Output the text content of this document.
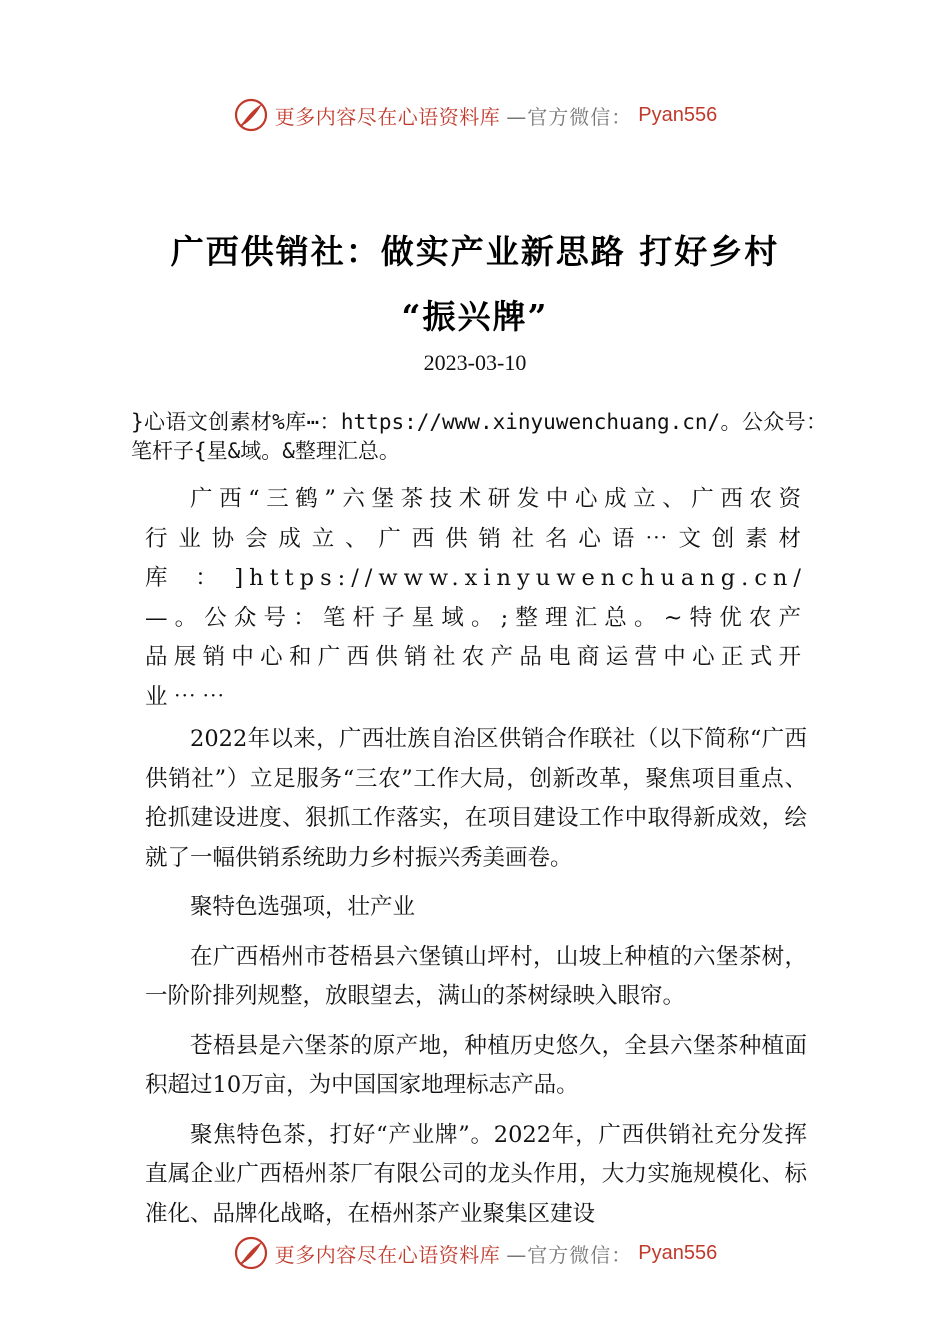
更多内容尽在心语资料库 —官方微信： Pyan556
广西供销社：做实产业新思路 打好乡村
“振兴牌”
2023-03-10

}心语文创素材%库⋯：https://www.xinyuwenchuang.cn/。公众号：笔杆子{星&域。&整理汇总。

广西“三鹤”六堡茶技术研发中心成立、广西农资行业协会成立、广西供销社名心语⋯文创素材库：]https://www.xinyuwenchuang.cn/—。公众号：笔杆子星域。;整理汇总。~特优农产品展销中心和广西供销社农产品电商运营中心正式开业⋯⋯

2022年以来，广西壮族自治区供销合作联社（以下简称“广西供销社”）立足服务“三农”工作大局，创新改革，聚焦项目重点、抢抓建设进度、狠抓工作落实，在项目建设工作中取得新成效，绘就了一幅供销系统助力乡村振兴秀美画卷。

聚特色选强项，壮产业

在广西梧州市苍梧县六堡镇山坪村，山坡上种植的六堡茶树，一阶阶排列规整，放眼望去，满山的茶树绿映入眼帘。

苍梧县是六堡茶的原产地，种植历史悠久，全县六堡茶种植面积超过10万亩，为中国国家地理标志产品。

聚焦特色茶，打好“产业牌”。2022年，广西供销社充分发挥直属企业广西梧州茶厂有限公司的龙头作用，大力实施规模化、标准化、品牌化战略，在梧州茶产业聚集区建设

更多内容尽在心语资料库 —官方微信： Pyan556
